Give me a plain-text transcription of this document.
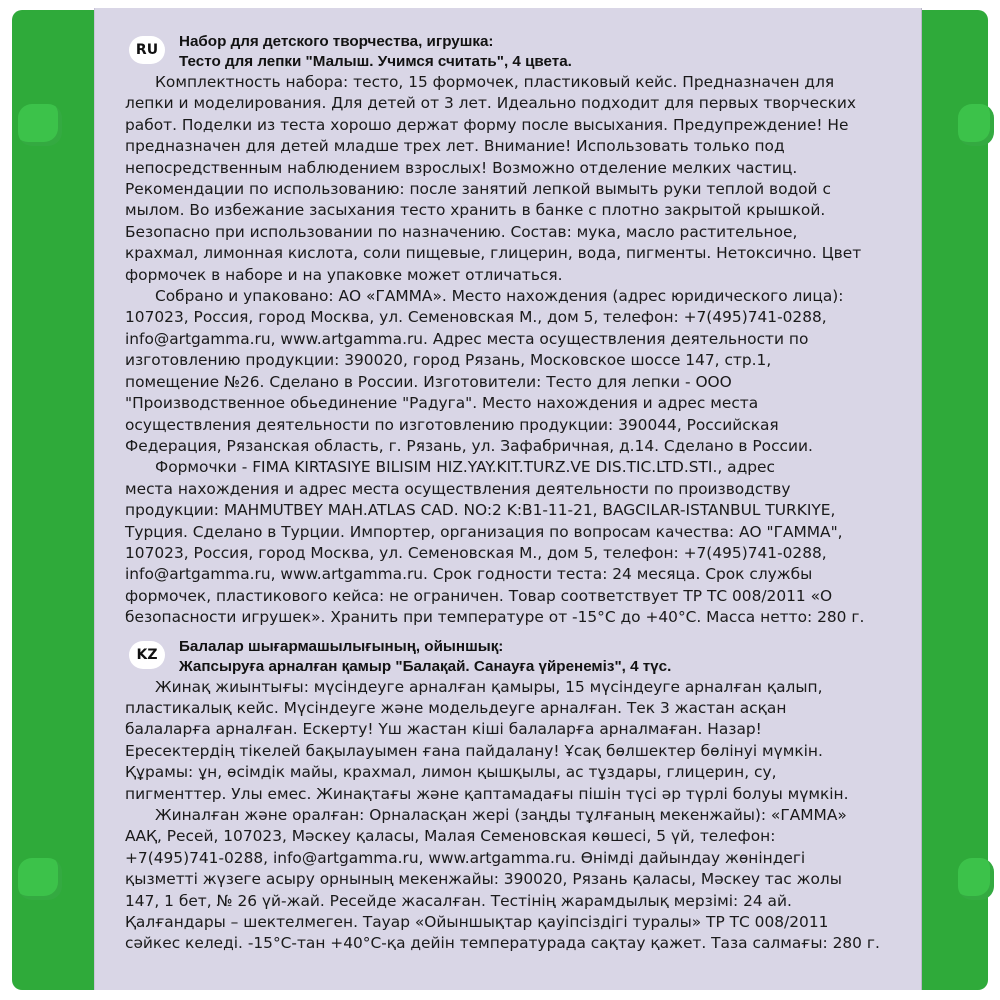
RU	Набор для детского творчества, игрушка:
Тесто для лепки "Малыш. Учимся считать", 4 цвета.

Комплектность набора: тесто, 15 формочек, пластиковый кейс. Предназначен для

лепки и моделирования. Для детей от 3 лет. Идеально подходит для первых творческих

работ. Поделки из теста хорошо держат форму после высыхания. Предупреждение! Не

предназначен для детей младше трех лет. Внимание! Использовать только под

непосредственным наблюдением взрослых! Возможно отделение мелких частиц.

Рекомендации по использованию: после занятий лепкой вымыть руки теплой водой с

мылом. Во избежание засыхания тесто хранить в банке с плотно закрытой крышкой.

Безопасно при использовании по назначению. Состав: мука, масло растительное,

крахмал, лимонная кислота, соли пищевые, глицерин, вода, пигменты. Нетоксично. Цвет

формочек в наборе и на упаковке может отличаться.

Собрано и упаковано: АО «ГАММА». Место нахождения (адрес юридического лица):

107023, Россия, город Москва, ул. Семеновская М., дом 5, телефон: +7(495)741-0288,

info@artgamma.ru, www.artgamma.ru. Адрес места осуществления деятельности по

изготовлению продукции: 390020, город Рязань, Московское шоссе 147, стр.1,

помещение №26. Сделано в России. Изготовители: Тесто для лепки - ООО

"Производственное обьединение "Радуга". Место нахождения и адрес места

осуществления деятельности по изготовлению продукции: 390044, Российская

Федерация, Рязанская область, г. Рязань, ул. Зафабричная, д.14. Сделано в России.

Формочки - FIMA KIRTASIYE BILISIM HIZ.YAY.KIT.TURZ.VE DIS.TIC.LTD.STI., адрес

места нахождения и адрес места осуществления деятельности по производству

продукции: MAHMUTBEY MAH.ATLAS CAD. NO:2 K:B1-11-21, BAGCILAR-ISTANBUL TURKIYE,

Турция. Сделано в Турции. Импортер, организация по вопросам качества: АО "ГАММА",

107023, Россия, город Москва, ул. Семеновская М., дом 5, телефон: +7(495)741-0288,

info@artgamma.ru, www.artgamma.ru. Срок годности теста: 24 месяца. Срок службы

формочек, пластикового кейса: не ограничен. Товар соответствует ТР ТС 008/2011 «О

безопасности игрушек». Хранить при температуре от -15°С до +40°С. Масса нетто: 280 г.

KZ	Балалар шығармашылығының, ойыншық:
Жапсыруға арналған қамыр "Балақай. Санауға үйренеміз", 4 түс.

Жинақ жиынтығы: мүсіндеуге арналған қамыры, 15 мүсіндеуге арналған қалып,

пластикалық кейс. Мүсіндеуге және модельдеуге арналған. Тек 3 жастан асқан

балаларға арналған. Ескерту! Үш жастан кіші балаларға арналмаған. Назар!

Ересектердің тікелей бақылауымен ғана пайдалану! Ұсақ бөлшектер бөлінуі мүмкін.

Құрамы: ұн, өсімдік майы, крахмал, лимон қышқылы, ас тұздары, глицерин, су,

пигменттер. Улы емес. Жинақтағы және қаптамадағы пішін түсі әр түрлі болуы мүмкін.

Жиналған және оралған: Орналасқан жері (заңды тұлғаның мекенжайы): «ГАММА»

ААҚ, Ресей, 107023, Мәскеу қаласы, Малая Семеновская көшесі, 5 үй, телефон:

+7(495)741-0288, info@artgamma.ru, www.artgamma.ru. Өнімді дайындау жөніндегі

қызметті жүзеге асыру орнының мекенжайы: 390020, Рязань қаласы, Мәскеу тас жолы

147, 1 бет, № 26 үй-жай. Ресейде жасалған. Тестінің жарамдылық мерзімі: 24 ай.

Қалғандары – шектелмеген. Тауар «Ойыншықтар қауіпсіздігі туралы» ТР ТС 008/2011

сәйкес келеді. -15°С-тан +40°С-қа дейін температурада сақтау қажет. Таза салмағы: 280 г.
